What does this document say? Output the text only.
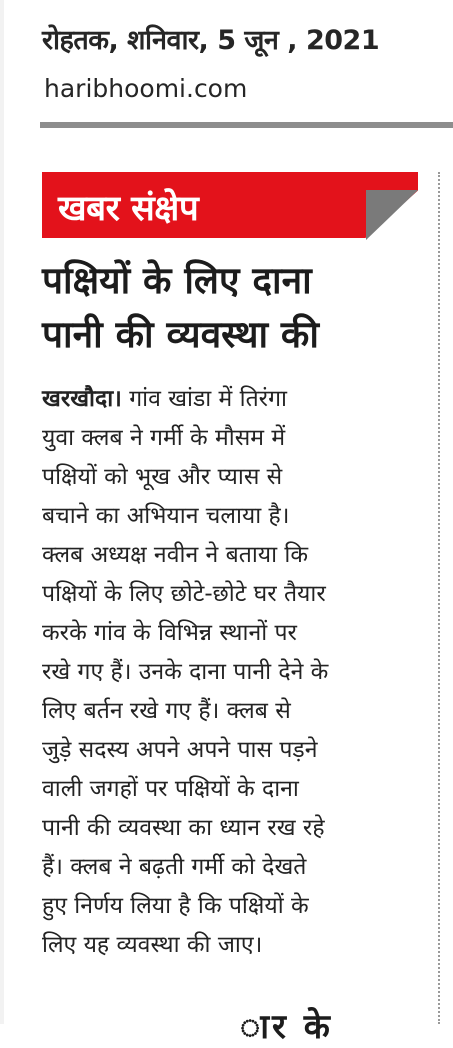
रोहतक, शनिवार, 5 जून , 2021
haribhoomi.com
खबर संक्षेप
पक्षियों के लिए दाना
पानी की व्यवस्था की
खरखौदा। गांव खांडा में तिरंगा
युवा क्लब ने गर्मी के मौसम में
पक्षियों को भूख और प्यास से
बचाने का अभियान चलाया है।
क्लब अध्यक्ष नवीन ने बताया कि
पक्षियों के लिए छोटे-छोटे घर तैयार
करके गांव के विभिन्न स्थानों पर
रखे गए हैं। उनके दाना पानी देने के
लिए बर्तन रखे गए हैं। क्लब से
जुड़े सदस्य अपने अपने पास पड़ने
वाली जगहों पर पक्षियों के दाना
पानी की व्यवस्था का ध्यान रख रहे
हैं। क्लब ने बढ़ती गर्मी को देखते
हुए निर्णय लिया है कि पक्षियों के
लिए यह व्यवस्था की जाए।
ार के
